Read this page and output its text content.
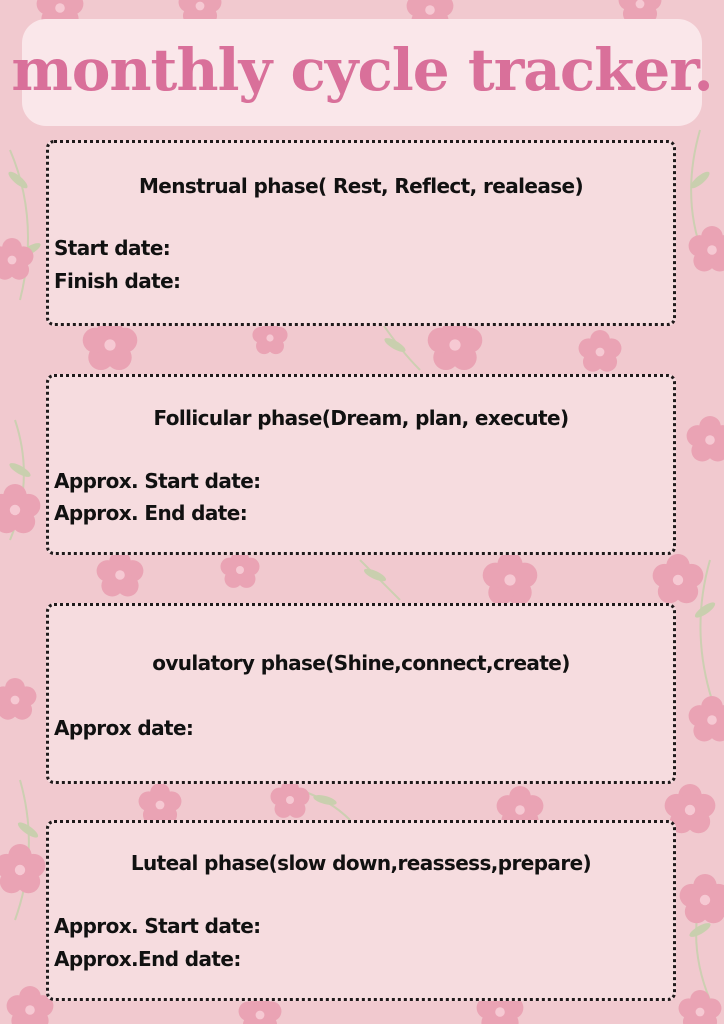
monthly cycle tracker.
Menstrual phase( Rest, Reflect, realease)
Start date:
Finish date:
Follicular phase(Dream, plan, execute)
Approx. Start date:
Approx. End date:
ovulatory phase(Shine,connect,create)
Approx date:
Luteal phase(slow down,reassess,prepare)
Approx. Start date:
Approx.End date:
